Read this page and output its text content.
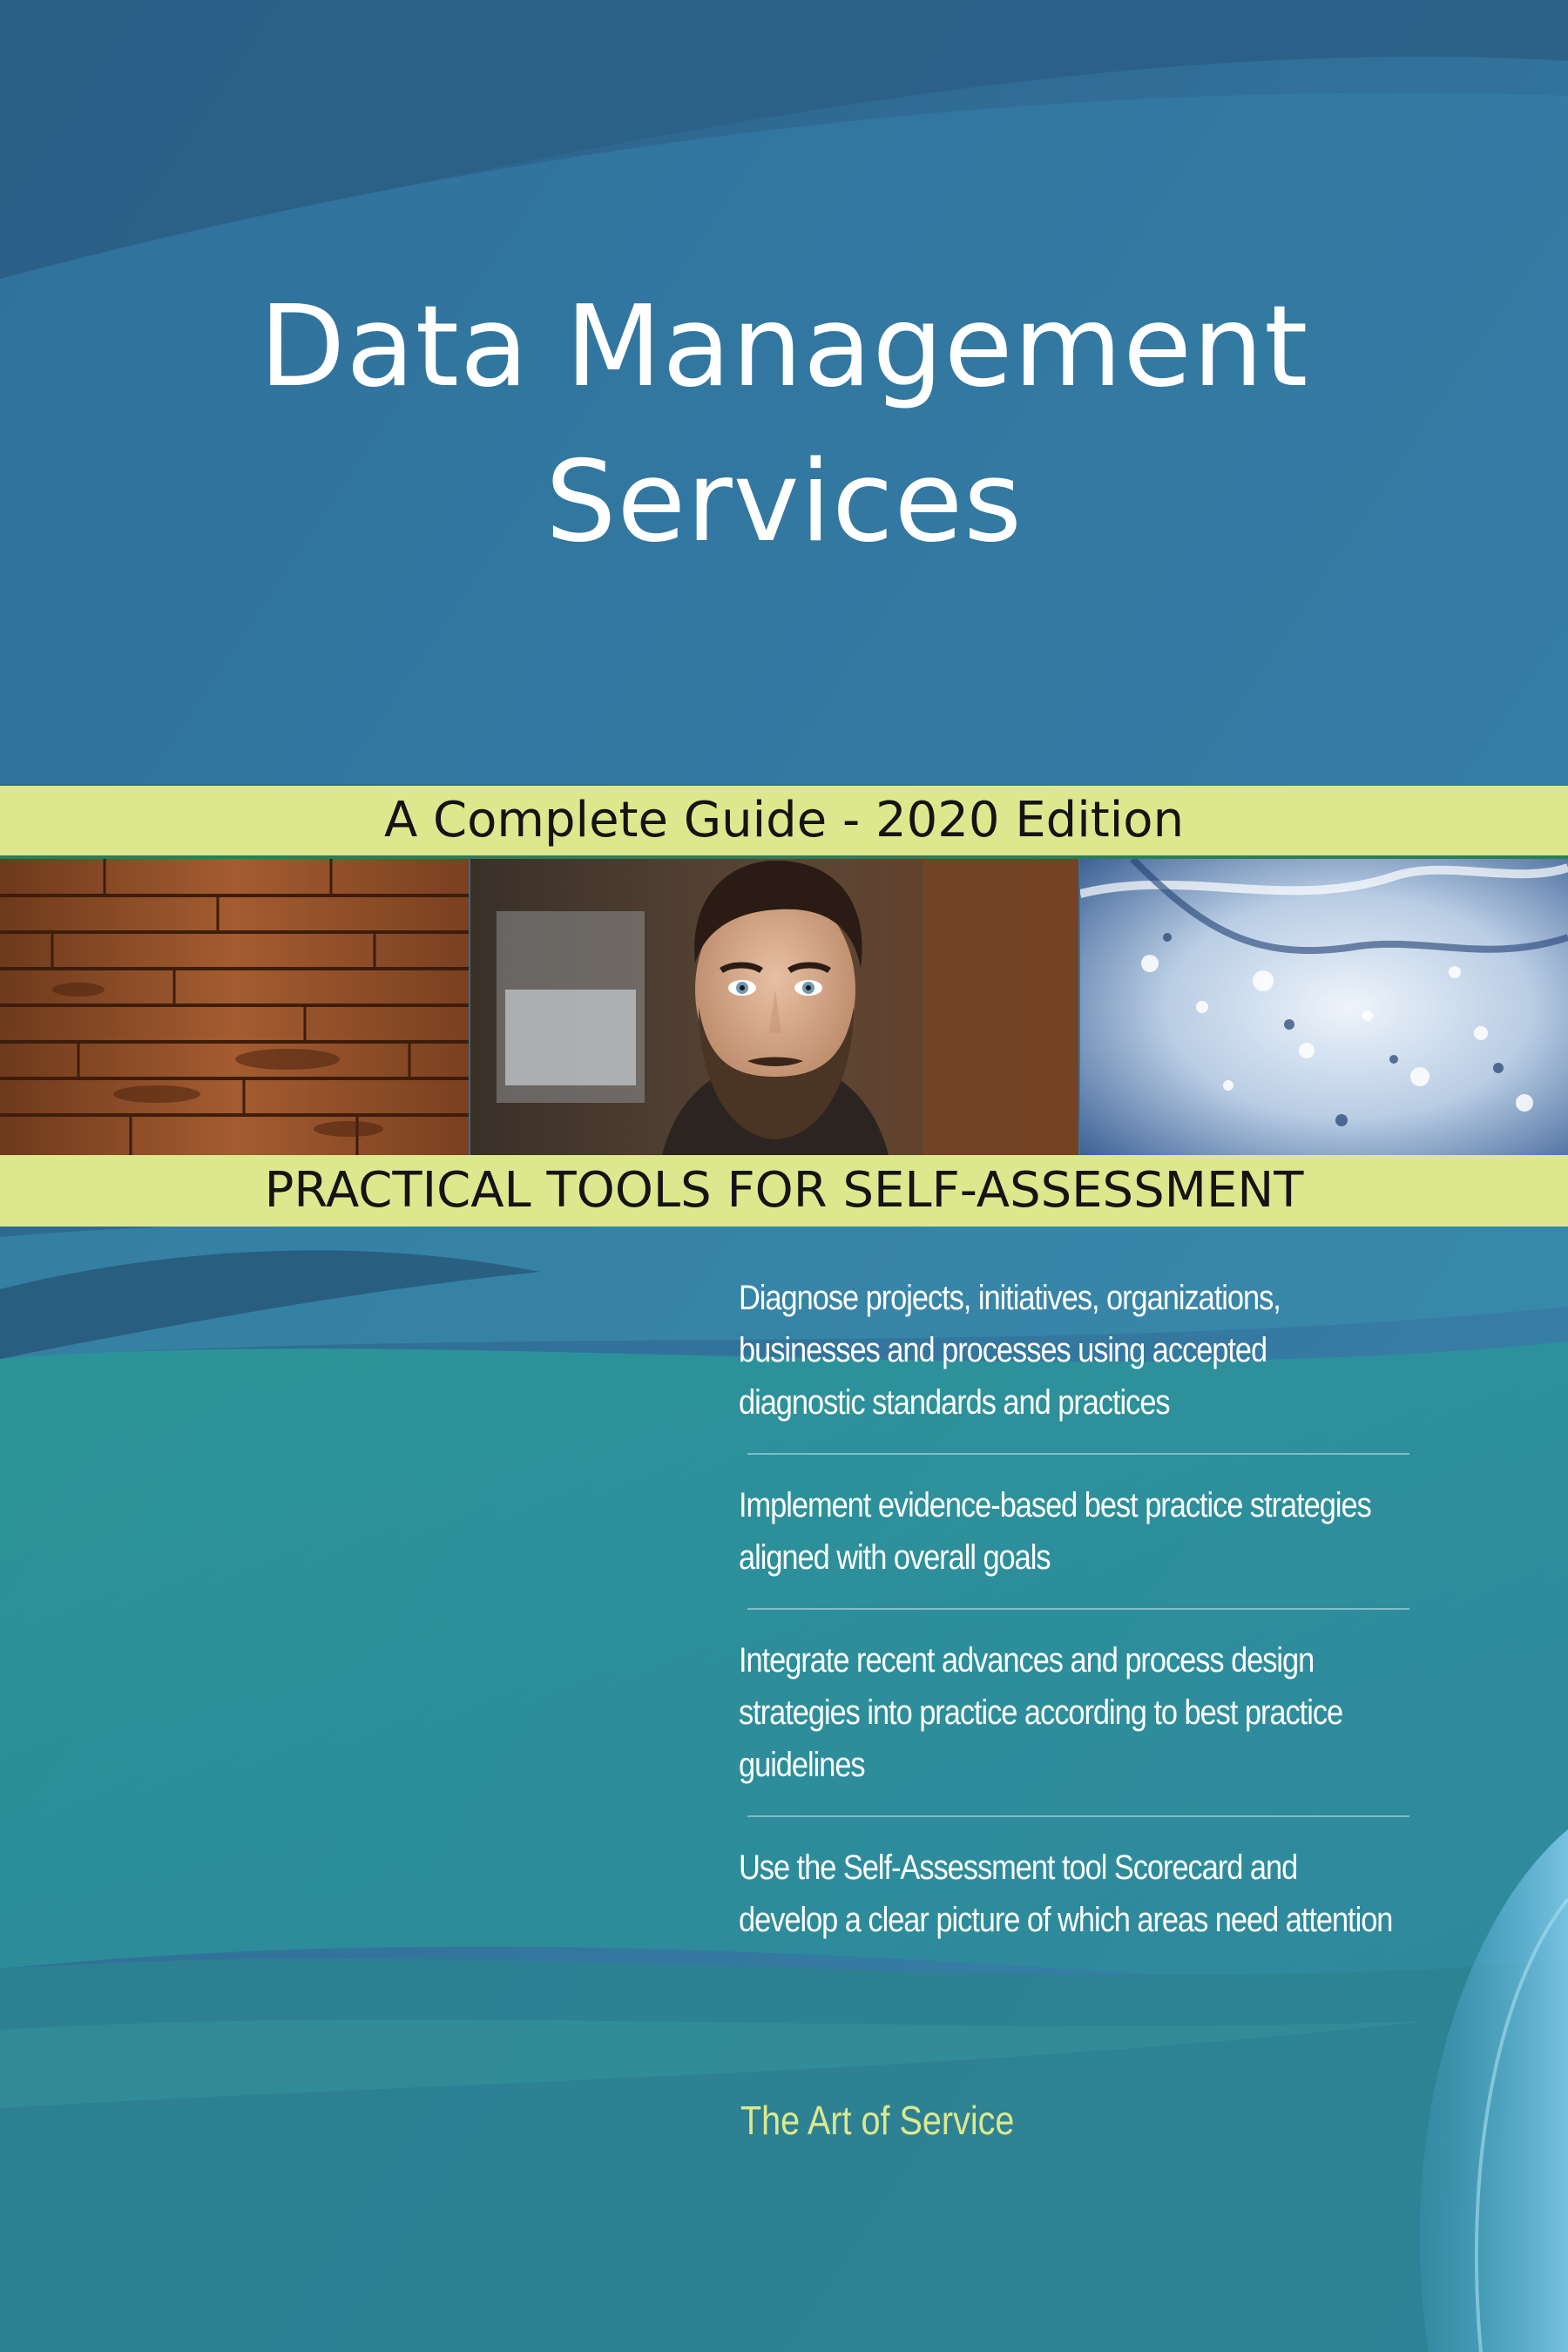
Data Management
Services
A Complete Guide - 2020 Edition
PRACTICAL TOOLS FOR SELF-ASSESSMENT
Diagnose projects, initiatives, organizations, businesses and processes using accepted diagnostic standards and practices
Implement evidence-based best practice strategies aligned with overall goals
Integrate recent advances and process design strategies into practice according to best practice guidelines
Use the Self-Assessment tool Scorecard and develop a clear picture of which areas need attention
The Art of Service
